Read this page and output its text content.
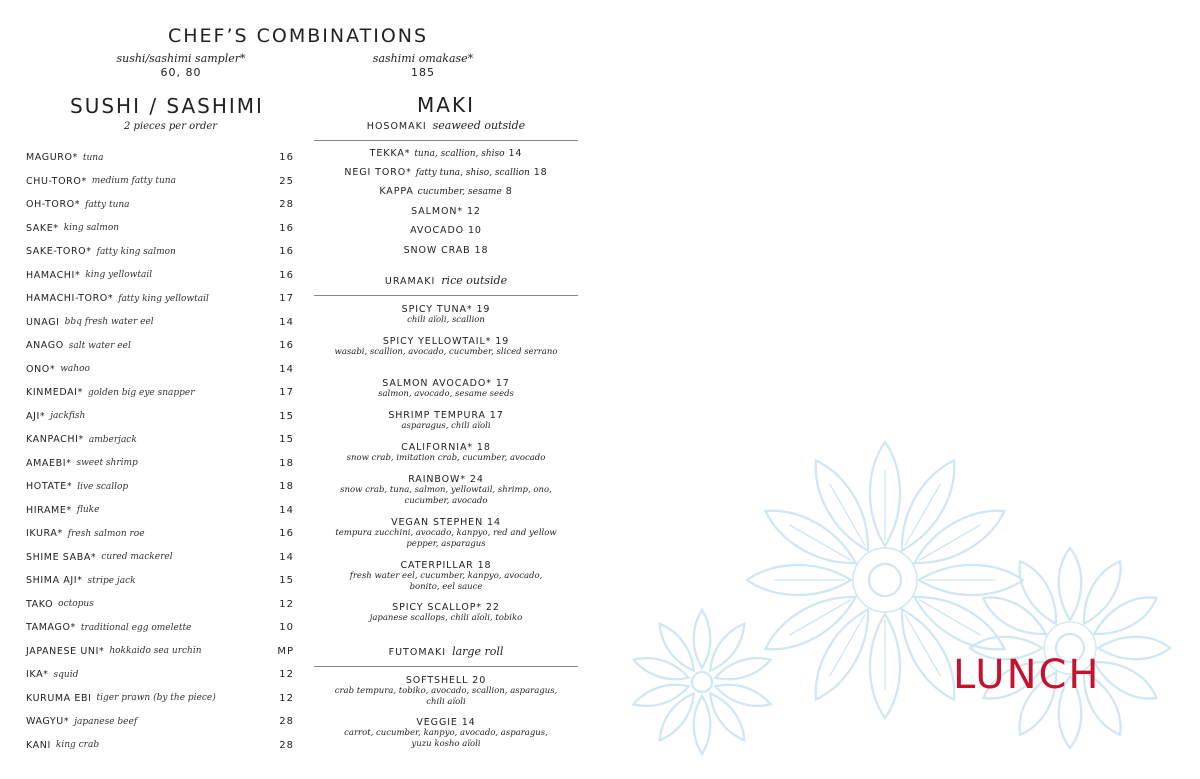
CHEF’S COMBINATIONS
sushi/sashimi sampler*
60, 80
sashimi omakase*
185
SUSHI / SASHIMI
2 pieces per order
MAGURO* tuna	16
CHU-TORO* medium fatty tuna	25
OH-TORO* fatty tuna	28
SAKE* king salmon	16
SAKE-TORO* fatty king salmon	16
HAMACHI* king yellowtail	16
HAMACHI-TORO* fatty king yellowtail	17
UNAGI bbq fresh water eel	14
ANAGO salt water eel	16
ONO* wahoo	14
KINMEDAI* golden big eye snapper	17
AJI* jackfish	15
KANPACHI* amberjack	15
AMAEBI* sweet shrimp	18
HOTATE* live scallop	18
HIRAME* fluke	14
IKURA* fresh salmon roe	16
SHIME SABA* cured mackerel	14
SHIMA AJI* stripe jack	15
TAKO octopus	12
TAMAGO* traditional egg omelette	10
JAPANESE UNI* hokkaido sea urchin	MP
IKA* squid	12
KURUMA EBI tiger prawn (by the piece)	12
WAGYU* japanese beef	28
KANI king crab	28
MAKI
HOSOMAKI seaweed outside
TEKKA* tuna, scallion, shiso 14
NEGI TORO* fatty tuna, shiso, scallion 18
KAPPA cucumber, sesame 8
SALMON* 12
AVOCADO 10
SNOW CRAB 18
URAMAKI rice outside
SPICY TUNA* 19
chili aïoli, scallion
SPICY YELLOWTAIL* 19
wasabi, scallion, avocado, cucumber, sliced serrano
SALMON AVOCADO* 17
salmon, avocado, sesame seeds
SHRIMP TEMPURA 17
asparagus, chili aïoli
CALIFORNIA* 18
snow crab, imitation crab, cucumber, avocado
RAINBOW* 24
snow crab, tuna, salmon, yellowtail, shrimp, ono, cucumber, avocado
VEGAN STEPHEN 14
tempura zucchini, avocado, kanpyo, red and yellow pepper, asparagus
CATERPILLAR 18
fresh water eel, cucumber, kanpyo, avocado, bonito, eel sauce
SPICY SCALLOP* 22
japanese scallops, chili aïoli, tobiko
FUTOMAKI large roll
SOFTSHELL 20
crab tempura, tobiko, avocado, scallion, asparagus, chili aïoli
VEGGIE 14
carrot, cucumber, kanpyo, avocado, asparagus, yuzu kosho aïoli
LUNCH
